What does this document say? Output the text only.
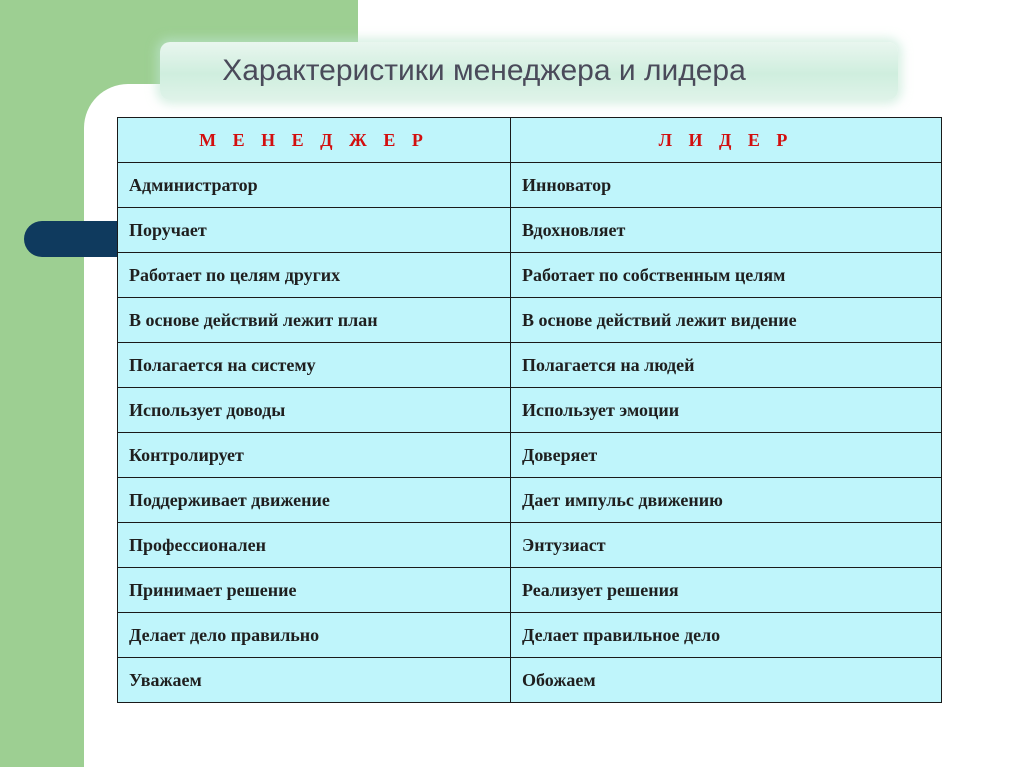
Характеристики менеджера и лидера
М Е Н Е Д Ж Е Р	Л И Д Е Р
Администратор	Инноватор
Поручает	Вдохновляет
Работает по целям других	Работает по собственным целям
В основе действий лежит план	В основе действий лежит видение
Полагается на систему	Полагается на людей
Использует доводы	Использует эмоции
Контролирует	Доверяет
Поддерживает движение	Дает импульс движению
Профессионален	Энтузиаст
Принимает решение	Реализует решения
Делает дело правильно	Делает правильное дело
Уважаем	Обожаем
